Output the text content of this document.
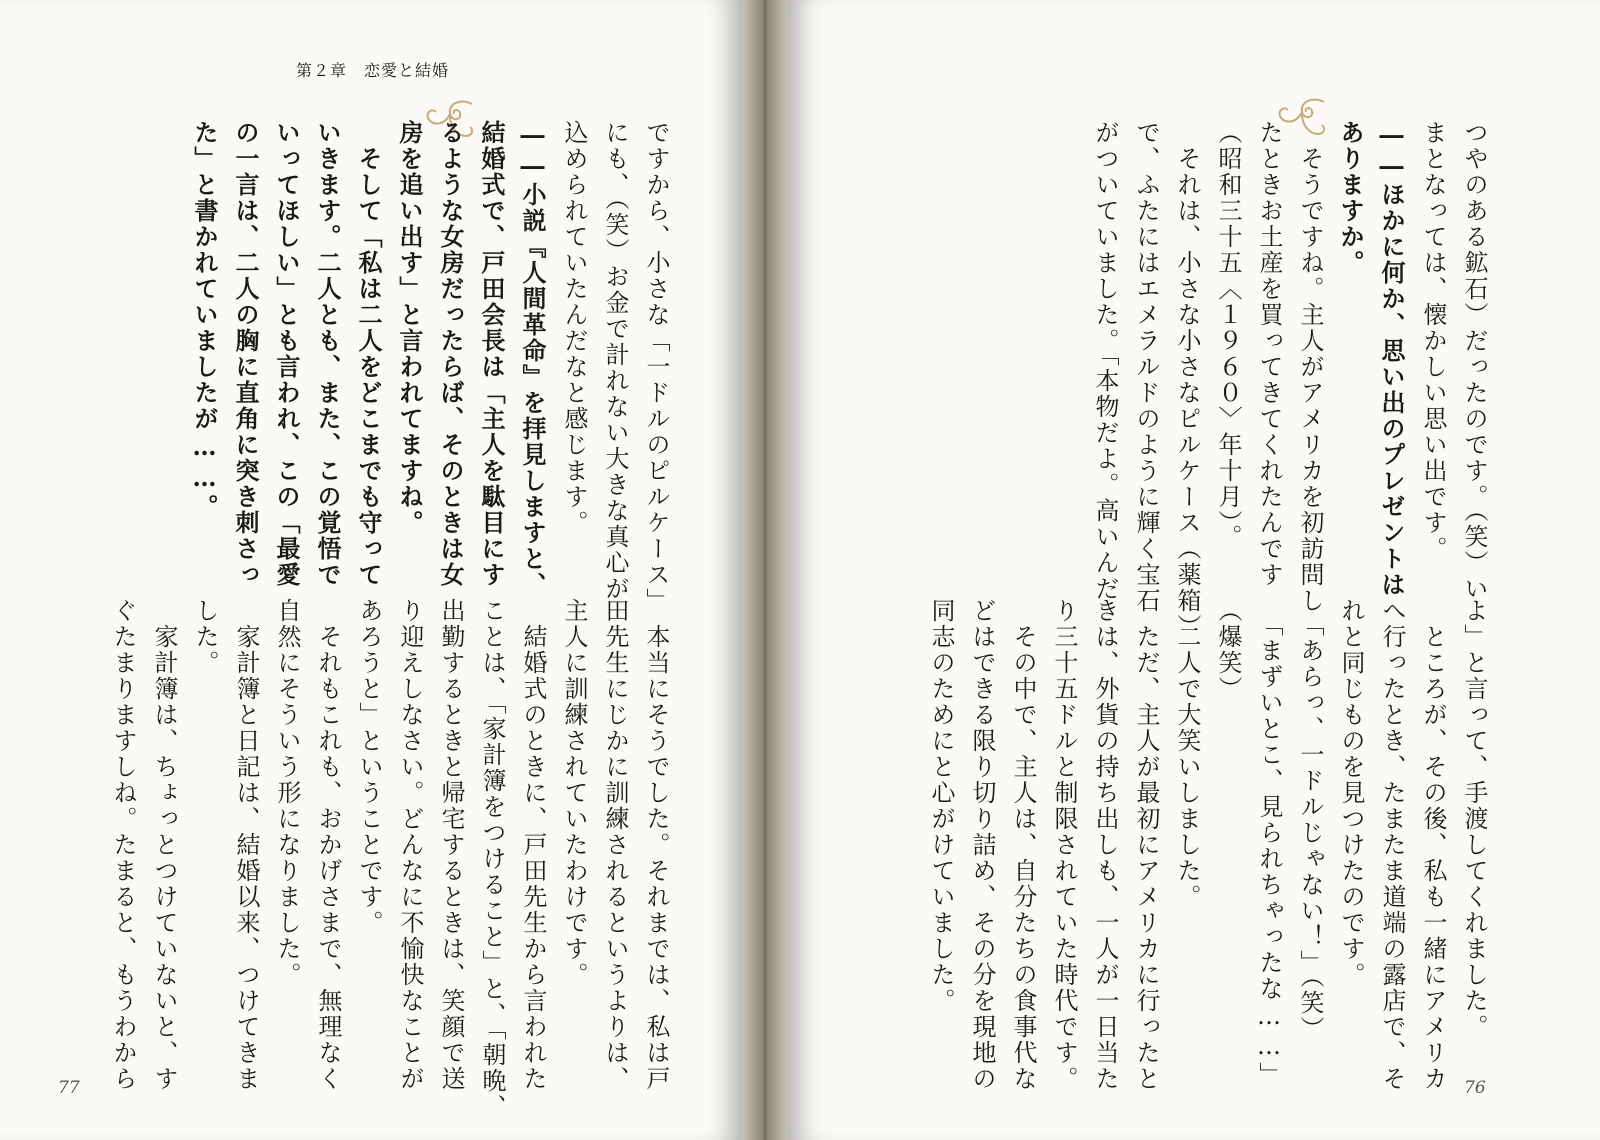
第２章　恋愛と結婚

ですから、小さな「一ドルのピルケース」

にも、（笑）お金で計れない大きな真心が

込められていたんだなと感じます。

――小説『人間革命』を拝見しますと、

結婚式で、戸田会長は「主人を駄目にす

るような女房だったらば、そのときは女

房を追い出す」と言われてますね。

　そして「私は二人をどこまでも守って

いきます。二人とも、また、この覚悟で

いってほしい」とも言われ、この「最愛

の一言は、二人の胸に直角に突き刺さっ

た」と書かれていましたが……。

　本当にそうでした。それまでは、私は戸

田先生にじかに訓練されるというよりは、

主人に訓練されていたわけです。

　結婚式のときに、戸田先生から言われた

ことは、「家計簿をつけること」と、「朝晩、

出勤するときと帰宅するときは、笑顔で送

り迎えしなさい。どんなに不愉快なことが

あろうと」ということです。

　それもこれも、おかげさまで、無理なく

自然にそういう形になりました。

　家計簿と日記は、結婚以来、つけてきま

した。

　家計簿は、ちょっとつけていないと、す

ぐたまりますしね。たまると、もうわから

77

つやのある鉱石）だったのです。（笑）い

まとなっては、懐かしい思い出です。

――ほかに何か、思い出のプレゼントは

ありますか。

　そうですね。主人がアメリカを初訪問し

たときお土産を買ってきてくれたんです

（昭和三十五〈１９６０〉年十月）。

　それは、小さな小さなピルケース（薬箱）

で、ふたにはエメラルドのように輝く宝石

がついていました。「本物だよ。高いんだ

よ」と言って、手渡してくれました。

　ところが、その後、私も一緒にアメリカ

へ行ったとき、たまたま道端の露店で、そ

れと同じものを見つけたのです。

　「あらっ、一ドルじゃない！」（笑）

　「まずいとこ、見られちゃったな……」

（爆笑）

　二人で大笑いしました。

　ただ、主人が最初にアメリカに行ったと

きは、外貨の持ち出しも、一人が一日当た

り三十五ドルと制限されていた時代です。

　その中で、主人は、自分たちの食事代な

どはできる限り切り詰め、その分を現地の

同志のためにと心がけていました。

76
